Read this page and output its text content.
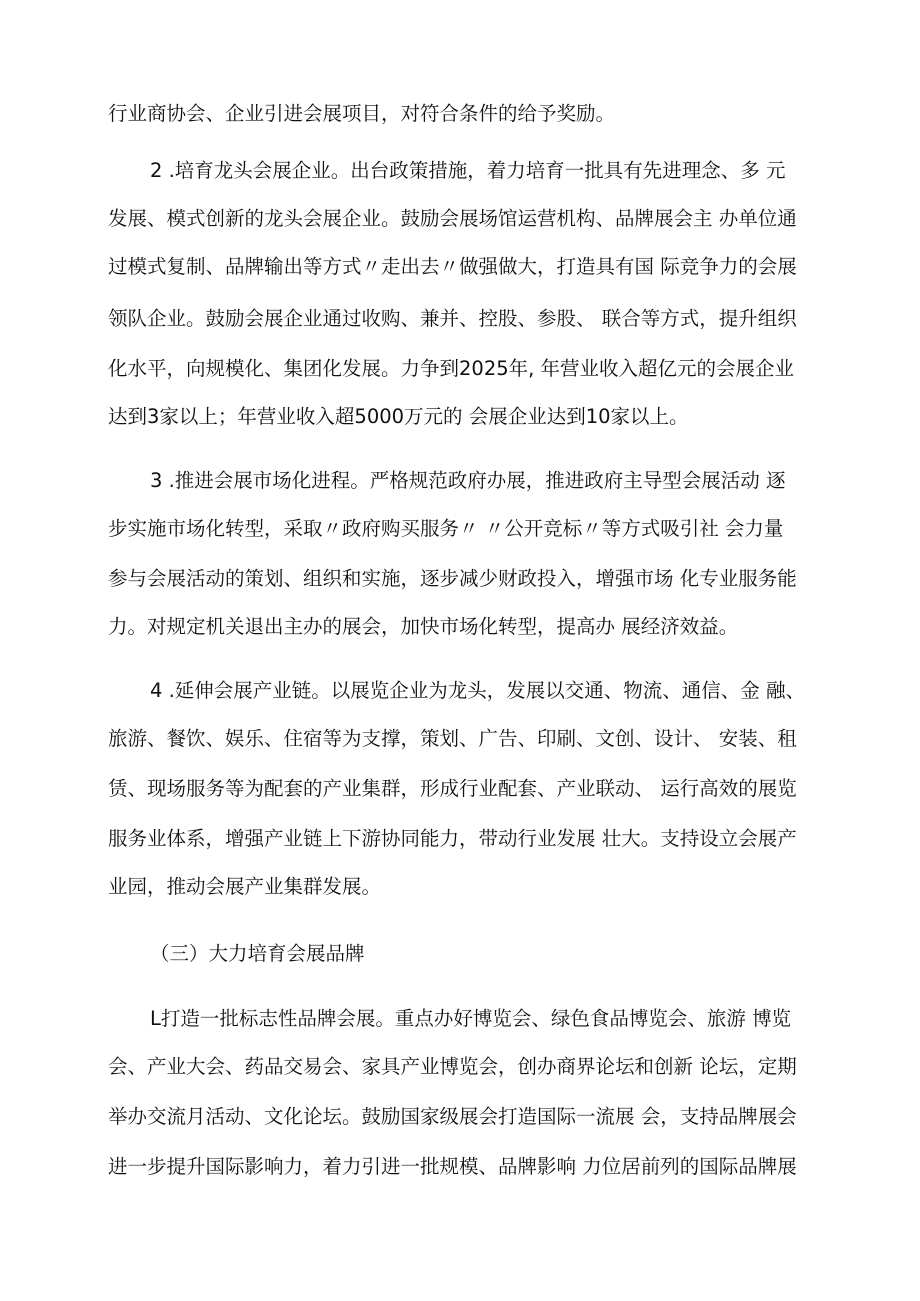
行业商协会、企业引进会展项目，对符合条件的给予奖励。
2 .培育龙头会展企业。出台政策措施，着力培育一批具有先进理念、多 元
发展、模式创新的龙头会展企业。鼓励会展场馆运营机构、品牌展会主 办单位通
过模式复制、品牌输出等方式〃走出去〃做强做大，打造具有国 际竞争力的会展
领队企业。鼓励会展企业通过收购、兼并、控股、参股、 联合等方式，提升组织
化水平，向规模化、集团化发展。力争到2025年, 年营业收入超亿元的会展企业
达到3家以上；年营业收入超5000万元的 会展企业达到10家以上。
3 .推进会展市场化进程。严格规范政府办展，推进政府主导型会展活动 逐
步实施市场化转型，采取〃政府购买服务〃 〃公开竞标〃等方式吸引社 会力量
参与会展活动的策划、组织和实施，逐步减少财政投入，增强市场 化专业服务能
力。对规定机关退出主办的展会，加快市场化转型，提高办 展经济效益。
4 .延伸会展产业链。以展览企业为龙头，发展以交通、物流、通信、金 融、
旅游、餐饮、娱乐、住宿等为支撑，策划、广告、印刷、文创、设计、 安装、租
赁、现场服务等为配套的产业集群，形成行业配套、产业联动、 运行高效的展览
服务业体系，增强产业链上下游协同能力，带动行业发展 壮大。支持设立会展产
业园，推动会展产业集群发展。
（三）大力培育会展品牌
L打造一批标志性品牌会展。重点办好博览会、绿色食品博览会、旅游 博览
会、产业大会、药品交易会、家具产业博览会，创办商界论坛和创新 论坛，定期
举办交流月活动、文化论坛。鼓励国家级展会打造国际一流展 会，支持品牌展会
进一步提升国际影响力，着力引进一批规模、品牌影响 力位居前列的国际品牌展
